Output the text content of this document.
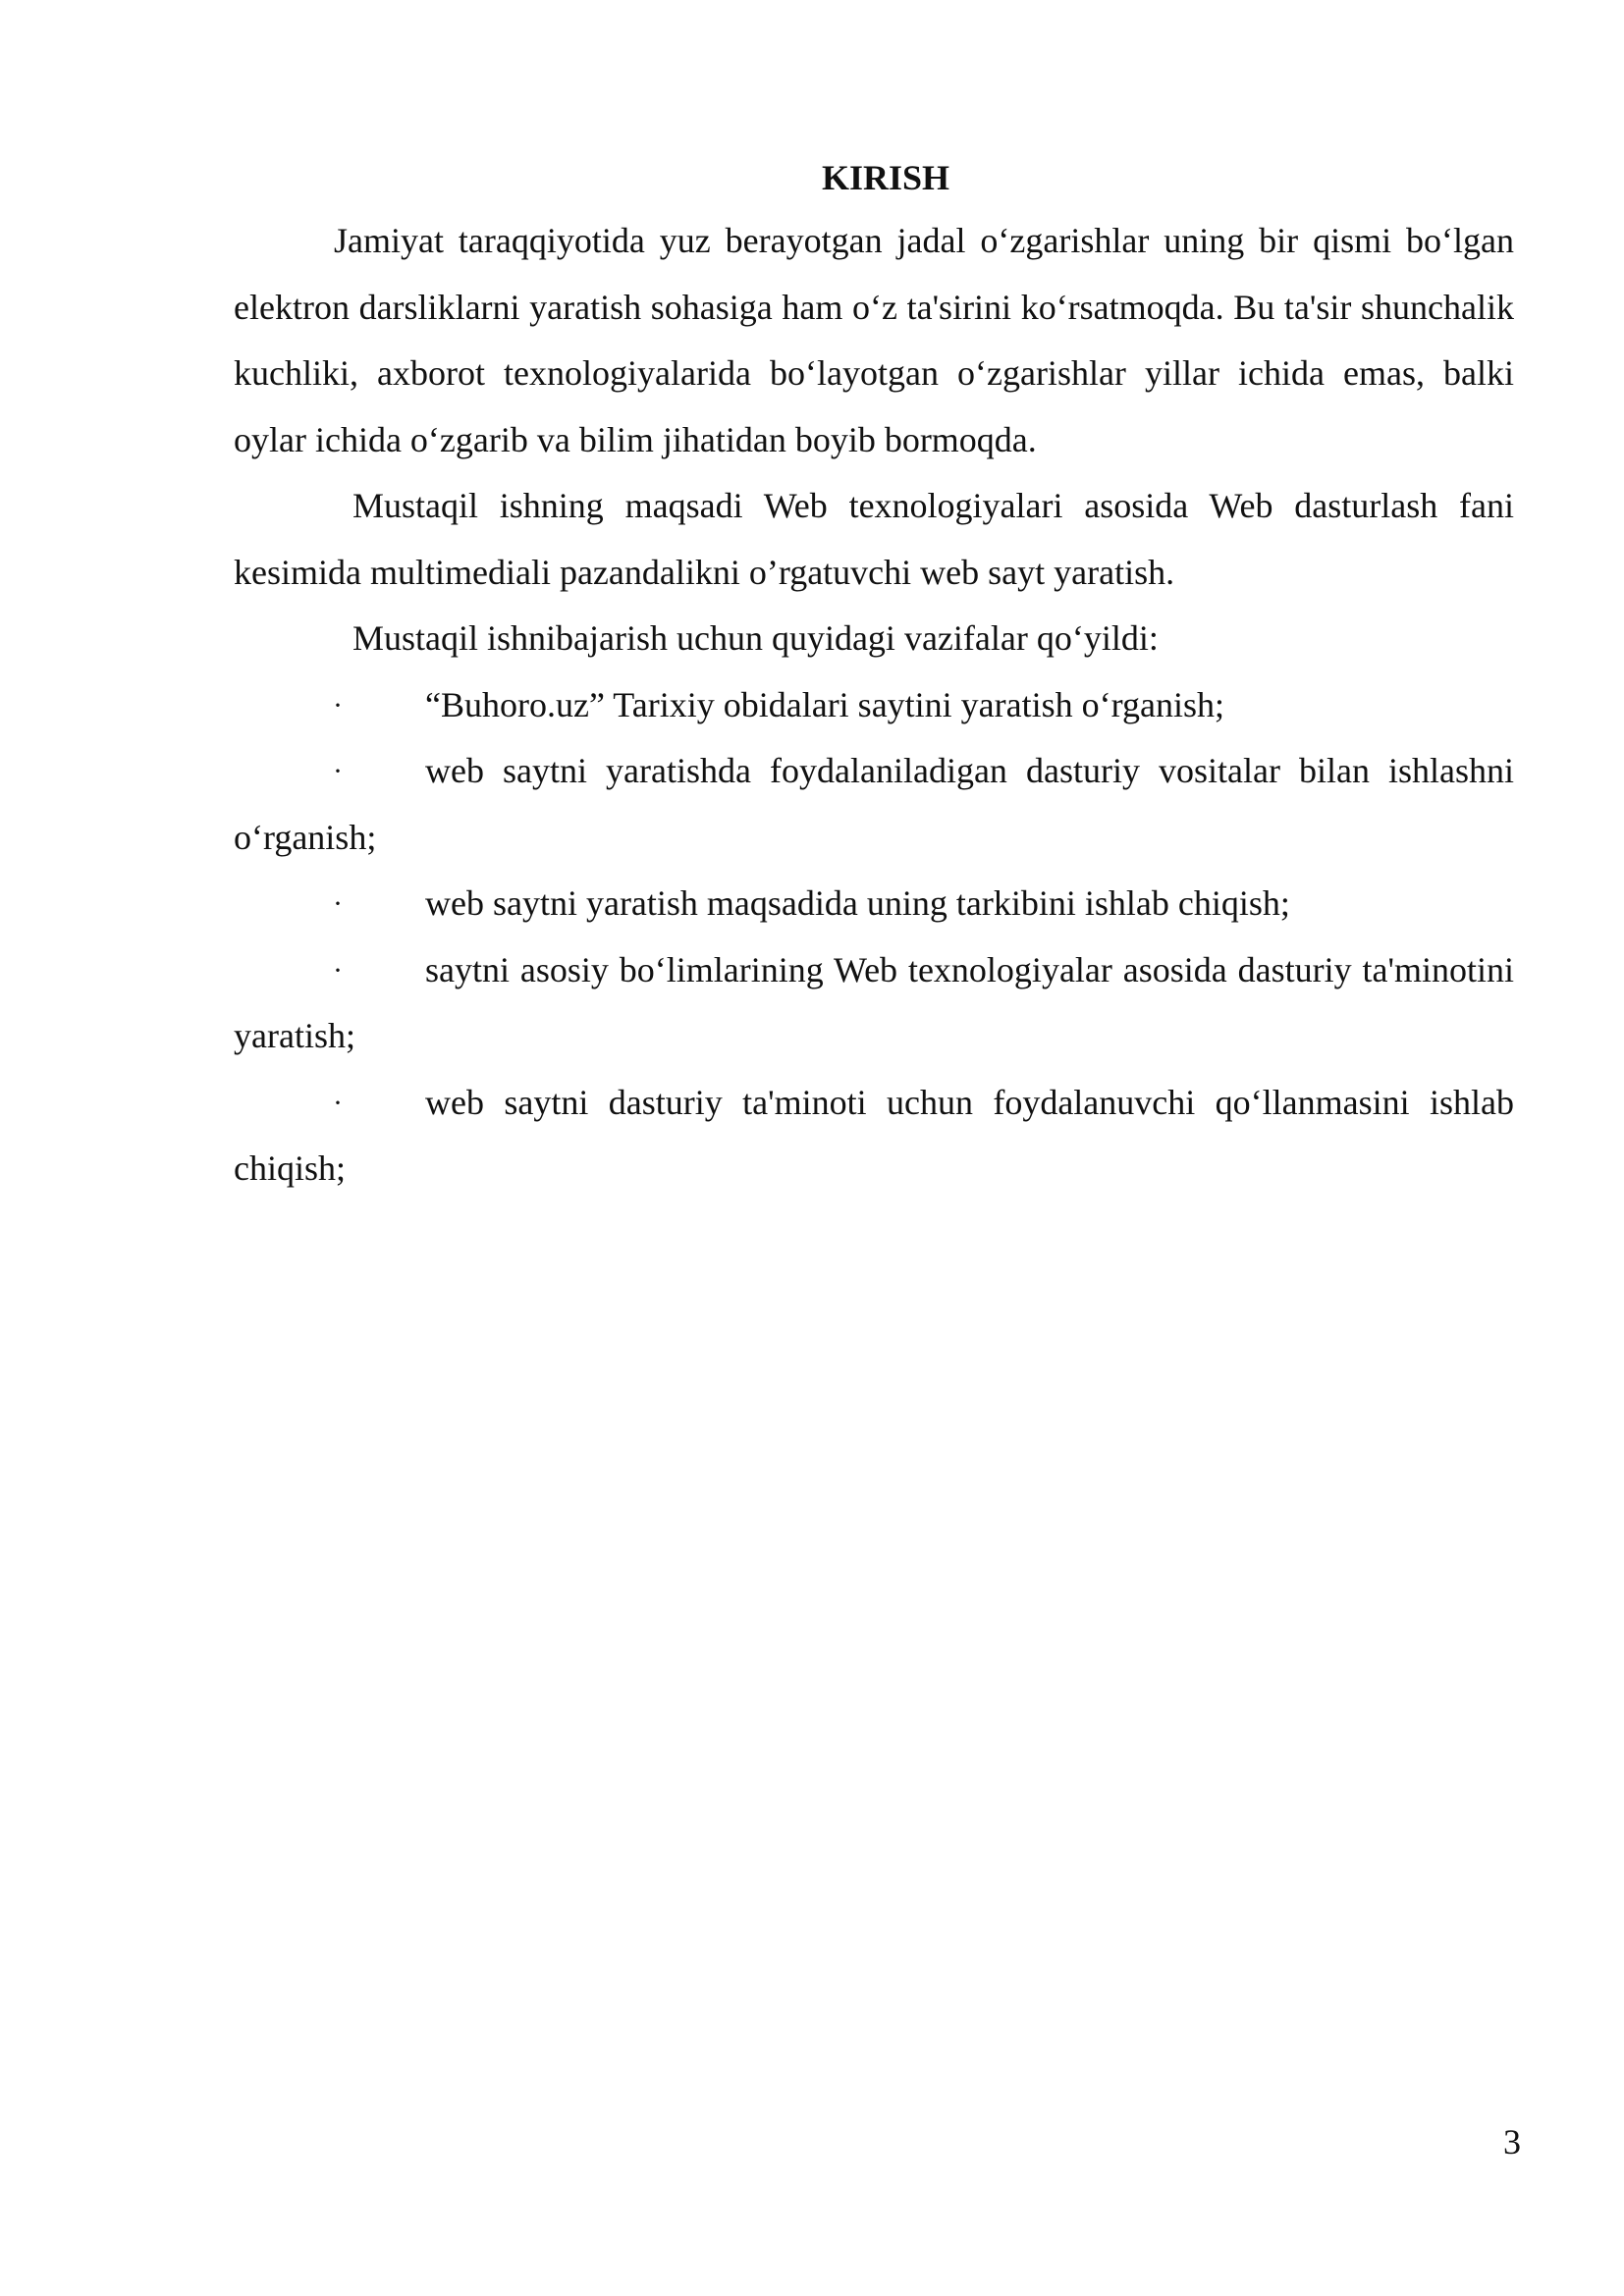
KIRISH

Jamiyat taraqqiyotida yuz berayotgan jadal o‘zgarishlar uning bir qismi bo‘lgan elektron darsliklarni yaratish sohasiga ham o‘z ta'sirini ko‘rsatmoqda. Bu ta'sir shunchalik kuchliki, axborot texnologiyalarida bo‘layotgan o‘zgarishlar yillar ichida emas, balki oylar ichida o‘zgarib va bilim jihatidan boyib bormoqda.

Mustaqil ishning maqsadi Web texnologiyalari asosida Web dasturlash fani kesimida multimediali pazandalikni o’rgatuvchi web sayt yaratish.

Mustaqil ishnibajarish uchun quyidagi vazifalar qo‘yildi:

· “Buhoro.uz” Tarixiy obidalari saytini yaratish o‘rganish;

· web saytni yaratishda foydalaniladigan dasturiy vositalar bilan ishlashni o‘rganish;

· web saytni yaratish maqsadida uning tarkibini ishlab chiqish;

· saytni asosiy bo‘limlarining Web texnologiyalar asosida dasturiy ta'minotini yaratish;

· web saytni dasturiy ta'minoti uchun foydalanuvchi qo‘llanmasini ishlab chiqish;

3
